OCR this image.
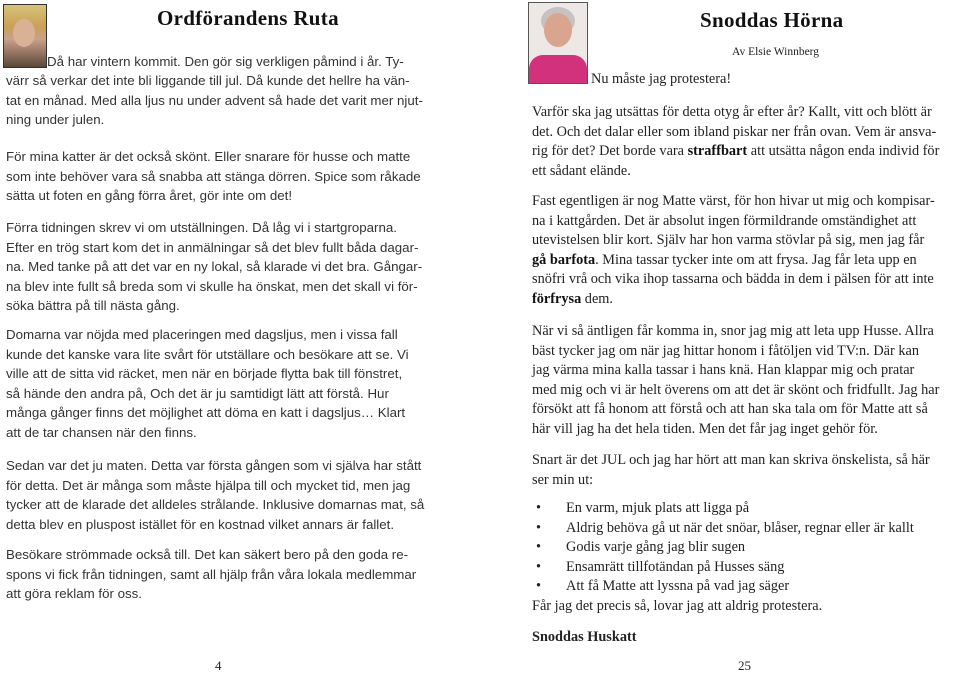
Ordförandens Ruta
Då har vintern kommit. Den gör sig verkligen påmind i år. Ty-
värr så verkar det inte bli liggande till jul. Då kunde det hellre ha vän-
tat en månad. Med alla ljus nu under advent så hade det varit mer njut-
ning under julen.
För mina katter är det också skönt. Eller snarare för husse och matte
som inte behöver vara så snabba att stänga dörren. Spice som råkade
sätta ut foten en gång förra året, gör inte om det!
Förra tidningen skrev vi om utställningen. Då låg vi i startgroparna.
Efter en trög start kom det in anmälningar så det blev fullt båda dagar-
na. Med tanke på att det var en ny lokal, så klarade vi det bra. Gångar-
na blev inte fullt så breda som vi skulle ha önskat, men det skall vi för-
söka bättra på till nästa gång.
Domarna var nöjda med placeringen med dagsljus, men i vissa fall
kunde det kanske vara lite svårt för utställare och besökare att se. Vi
ville att de sitta vid räcket, men när en började flytta bak till fönstret,
så hände den andra på, Och det är ju samtidigt lätt att förstå. Hur
många gånger finns det möjlighet att döma en katt i dagsljus… Klart
att de tar chansen när den finns.
Sedan var det ju maten. Detta var första gången som vi själva har stått
för detta. Det är många som måste hjälpa till och mycket tid, men jag
tycker att de klarade det alldeles strålande. Inklusive domarnas mat, så
detta blev en pluspost istället för en kostnad vilket annars är fallet.
Besökare strömmade också till. Det kan säkert bero på den goda re-
spons vi fick från tidningen, samt all hjälp från våra lokala medlemmar
att göra reklam för oss.
4
Snoddas Hörna
Av Elsie Winnberg
Nu måste jag protestera!
Varför ska jag utsättas för detta otyg år efter år? Kallt, vitt och blött är
det. Och det dalar eller som ibland piskar ner från ovan. Vem är ansva-
rig för det? Det borde vara straffbart att utsätta någon enda individ för
ett sådant elände.
Fast egentligen är nog Matte värst, för hon hivar ut mig och kompisar-
na i kattgården. Det är absolut ingen förmildrande omständighet att
utevistelsen blir kort. Själv har hon varma stövlar på sig, men jag får
gå barfota. Mina tassar tycker inte om att frysa. Jag får leta upp en
snöfri vrå och vika ihop tassarna och bädda in dem i pälsen för att inte
förfrysa dem.
När vi så äntligen får komma in, snor jag mig att leta upp Husse. Allra
bäst tycker jag om när jag hittar honom i fåtöljen vid TV:n. Där kan
jag värma mina kalla tassar i hans knä. Han klappar mig och pratar
med mig och vi är helt överens om att det är skönt och fridfullt. Jag har
försökt att få honom att förstå och att han ska tala om för Matte att så
här vill jag ha det hela tiden. Men det får jag inget gehör för.
Snart är det JUL och jag har hört att man kan skriva önskelista, så här
ser min ut:
• En varm, mjuk plats att ligga på
• Aldrig behöva gå ut när det snöar, blåser, regnar eller är kallt
• Godis varje gång jag blir sugen
• Ensamrätt tillfotändan på Husses säng
• Att få Matte att lyssna på vad jag säger
Får jag det precis så, lovar jag att aldrig protestera.
Snoddas Huskatt
25
